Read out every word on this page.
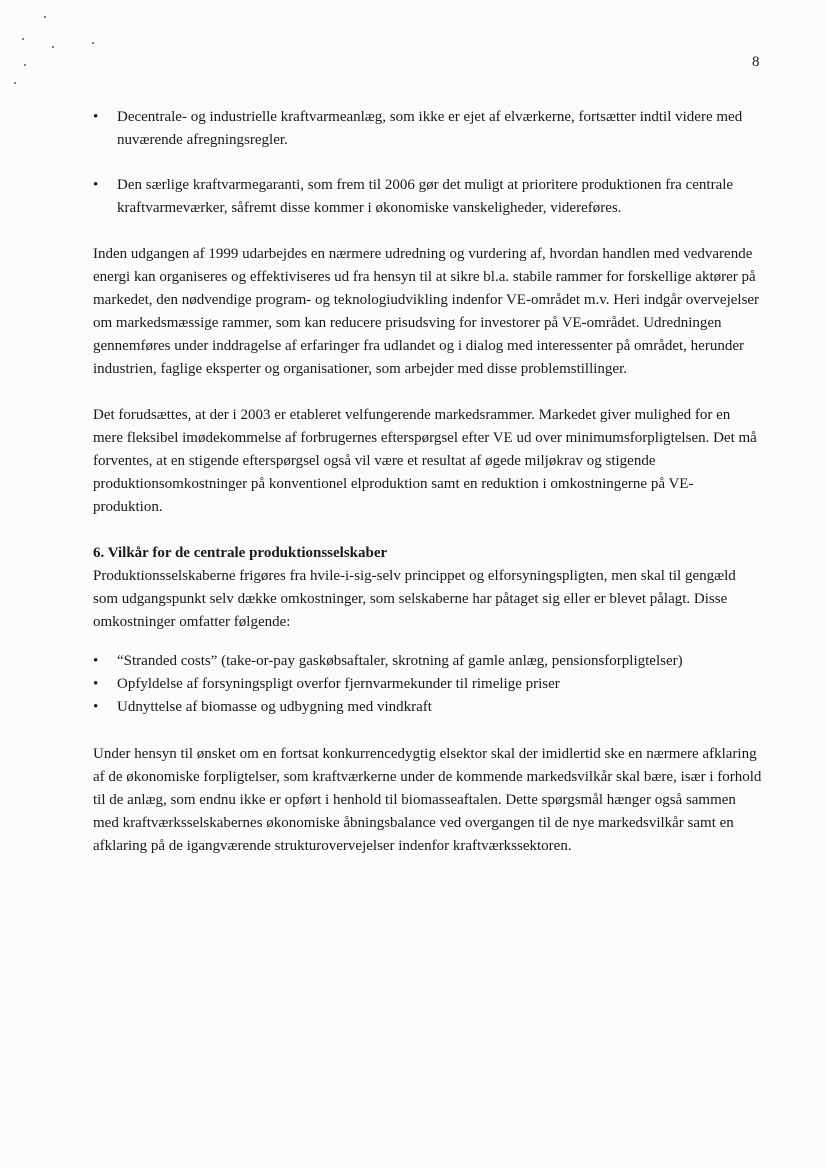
8
• Decentrale- og industrielle kraftvarmeanlæg, som ikke er ejet af elværkerne, fortsætter indtil videre med nuværende afregningsregler.
• Den særlige kraftvarmegaranti, som frem til 2006 gør det muligt at prioritere produktionen fra centrale kraftvarmeværker, såfremt disse kommer i økonomiske vanskeligheder, videreføres.

Inden udgangen af 1999 udarbejdes en nærmere udredning og vurdering af, hvordan handlen med vedvarende energi kan organiseres og effektiviseres ud fra hensyn til at sikre bl.a. stabile rammer for forskellige aktører på markedet, den nødvendige program- og teknologiudvikling indenfor VE-området m.v. Heri indgår overvejelser om markedsmæssige rammer, som kan reducere prisudsving for investorer på VE-området. Udredningen gennemføres under inddragelse af erfaringer fra udlandet og i dialog med interessenter på området, herunder industrien, faglige eksperter og organisationer, som arbejder med disse problemstillinger.

Det forudsættes, at der i 2003 er etableret velfungerende markedsrammer. Markedet giver mulighed for en mere fleksibel imødekommelse af forbrugernes efterspørgsel efter VE ud over minimumsforpligtelsen. Det må forventes, at en stigende efterspørgsel også vil være et resultat af øgede miljøkrav og stigende produktionsomkostninger på konventionel elproduktion samt en reduktion i omkostningerne på VE-produktion.

6. Vilkår for de centrale produktionsselskaber

Produktionsselskaberne frigøres fra hvile-i-sig-selv princippet og elforsyningspligten, men skal til gengæld som udgangspunkt selv dække omkostninger, som selskaberne har påtaget sig eller er blevet pålagt. Disse omkostninger omfatter følgende:

• “Stranded costs” (take-or-pay gaskøbsaftaler, skrotning af gamle anlæg, pensionsforpligtelser)
• Opfyldelse af forsyningspligt overfor fjernvarmekunder til rimelige priser
• Udnyttelse af biomasse og udbygning med vindkraft

Under hensyn til ønsket om en fortsat konkurrencedygtig elsektor skal der imidlertid ske en nærmere afklaring af de økonomiske forpligtelser, som kraftværkerne under de kommende markedsvilkår skal bære, især i forhold til de anlæg, som endnu ikke er opført i henhold til biomasseaftalen. Dette spørgsmål hænger også sammen med kraftværksselskabernes økonomiske åbningsbalance ved overgangen til de nye markedsvilkår samt en afklaring på de igangværende strukturovervejelser indenfor kraftværkssektoren.
